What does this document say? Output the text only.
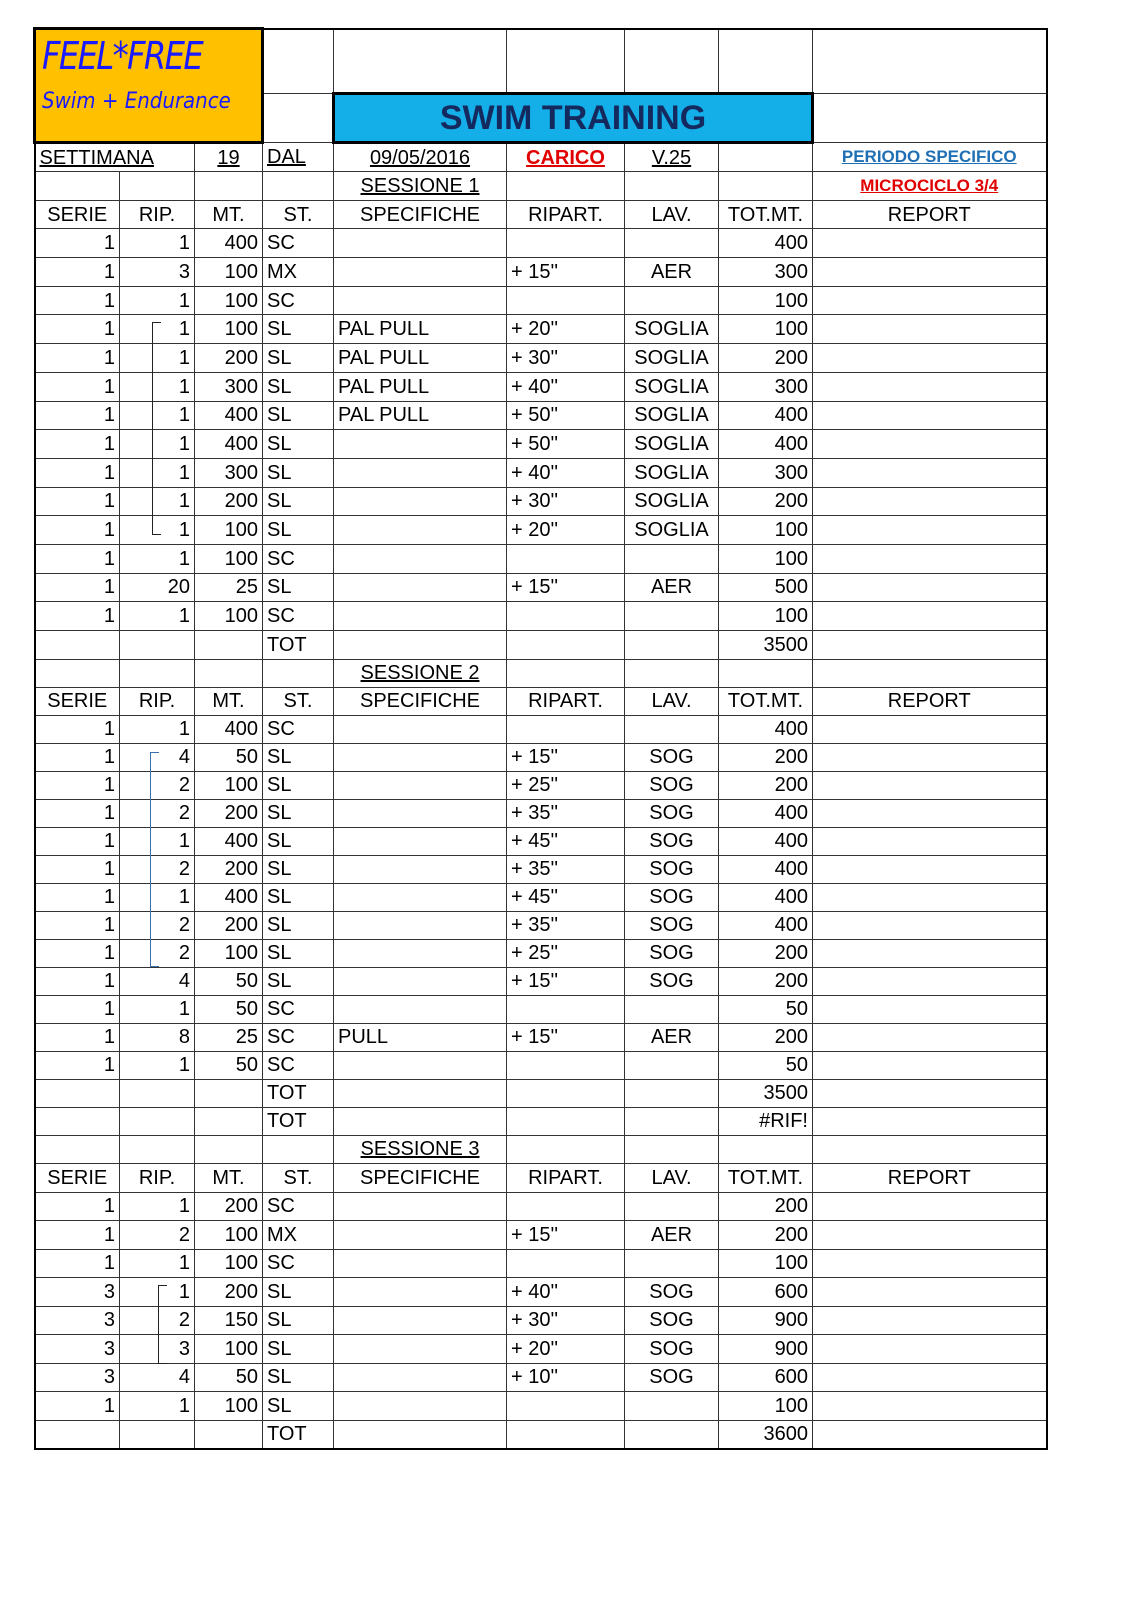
FEEL*FREE
Swim + Endurance								

				SWIM TRAINING				
SETTIMANA		19	DAL	09/05/2016	CARICO	V.25		PERIODO SPECIFICO
				SESSIONE 1				MICROCICLO 3/4
SERIE	RIP.	MT.	ST.	SPECIFICHE	RIPART.	LAV.	TOT.MT.	REPORT
1	1	400	SC				400	
1	3	100	MX		+ 15''	AER	300	
1	1	100	SC				100	
1	1	100	SL	PAL PULL	+ 20''	SOGLIA	100	
1	1	200	SL	PAL PULL	+ 30''	SOGLIA	200	
1	1	300	SL	PAL PULL	+ 40''	SOGLIA	300	
1	1	400	SL	PAL PULL	+ 50''	SOGLIA	400	
1	1	400	SL		+ 50''	SOGLIA	400	
1	1	300	SL		+ 40''	SOGLIA	300	
1	1	200	SL		+ 30''	SOGLIA	200	
1	1	100	SL		+ 20''	SOGLIA	100	
1	1	100	SC				100	
1	20	25	SL		+ 15''	AER	500	
1	1	100	SC				100	
			TOT				3500	
				SESSIONE 2				
SERIE	RIP.	MT.	ST.	SPECIFICHE	RIPART.	LAV.	TOT.MT.	REPORT
1	1	400	SC				400	
1	4	50	SL		+ 15''	SOG	200	
1	2	100	SL		+ 25''	SOG	200	
1	2	200	SL		+ 35''	SOG	400	
1	1	400	SL		+ 45''	SOG	400	
1	2	200	SL		+ 35''	SOG	400	
1	1	400	SL		+ 45''	SOG	400	
1	2	200	SL		+ 35''	SOG	400	
1	2	100	SL		+ 25''	SOG	200	
1	4	50	SL		+ 15''	SOG	200	
1	1	50	SC				50	
1	8	25	SC	PULL	+ 15''	AER	200	
1	1	50	SC				50	
			TOT				3500	
			TOT				#RIF!	
				SESSIONE 3				
SERIE	RIP.	MT.	ST.	SPECIFICHE	RIPART.	LAV.	TOT.MT.	REPORT
1	1	200	SC				200	
1	2	100	MX		+ 15''	AER	200	
1	1	100	SC				100	
3	1	200	SL		+ 40''	SOG	600	
3	2	150	SL		+ 30''	SOG	900	
3	3	100	SL		+ 20''	SOG	900	
3	4	50	SL		+ 10''	SOG	600	
1	1	100	SL				100	
			TOT				3600	
